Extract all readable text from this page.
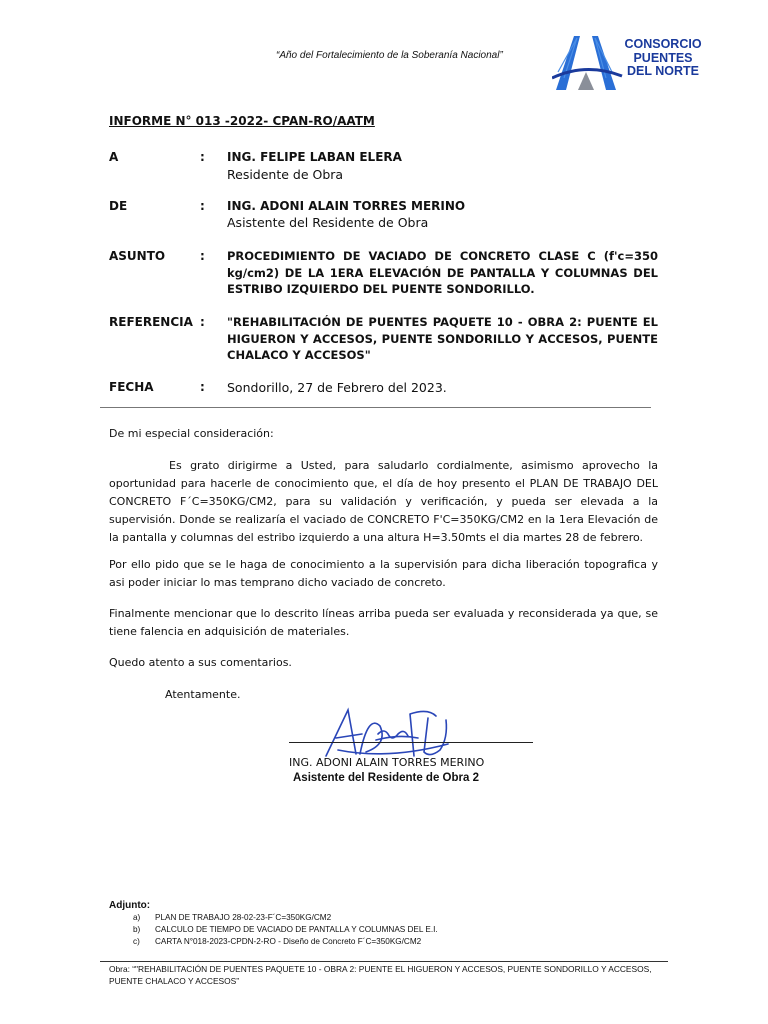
“Año del Fortalecimiento de la Soberanía Nacional”
CONSORCIO
PUENTES
DEL NORTE
INFORME N° 013 -2022- CPAN-RO/AATM
A	: ING. FELIPE LABAN ELERA
Residente de Obra
DE	: ING. ADONI ALAIN TORRES MERINO
Asistente del Residente de Obra
ASUNTO	: PROCEDIMIENTO DE VACIADO DE CONCRETO CLASE C (f'c=350 kg/cm2) DE LA 1ERA ELEVACIÓN DE PANTALLA Y COLUMNAS DEL ESTRIBO IZQUIERDO DEL PUENTE SONDORILLO.
REFERENCIA : "REHABILITACIÓN DE PUENTES PAQUETE 10 - OBRA 2: PUENTE EL HIGUERON Y ACCESOS, PUENTE SONDORILLO Y ACCESOS, PUENTE CHALACO Y ACCESOS"
FECHA	: Sondorillo, 27 de Febrero del 2023.
De mi especial consideración:
Es grato dirigirme a Usted, para saludarlo cordialmente, asimismo aprovecho la oportunidad para hacerle de conocimiento que, el día de hoy presento el PLAN DE TRABAJO DEL CONCRETO F´C=350KG/CM2, para su validación y verificación, y pueda ser elevada a la supervisión. Donde se realizaría el vaciado de CONCRETO F'C=350KG/CM2 en la 1era Elevación de la pantalla y columnas del estribo izquierdo a una altura H=3.50mts el dia martes 28 de febrero.
Por ello pido que se le haga de conocimiento a la supervisión para dicha liberación topografica y asi poder iniciar lo mas temprano dicho vaciado de concreto.
Finalmente mencionar que lo descrito líneas arriba pueda ser evaluada y reconsiderada ya que, se tiene falencia en adquisición de materiales.
Quedo atento a sus comentarios.
Atentamente.
ING. ADONI ALAIN TORRES MERINO
Asistente del Residente de Obra 2
Adjunto:
a) PLAN DE TRABAJO 28-02-23-F´C=350KG/CM2
b) CALCULO DE TIEMPO DE VACIADO DE PANTALLA Y COLUMNAS DEL E.I.
c) CARTA N°018-2023-CPDN-2-RO - Diseño de Concreto F´C=350KG/CM2
Obra: “"REHABILITACIÓN DE PUENTES PAQUETE 10 - OBRA 2: PUENTE EL HIGUERON Y ACCESOS, PUENTE SONDORILLO Y ACCESOS, PUENTE CHALACO Y ACCESOS”
